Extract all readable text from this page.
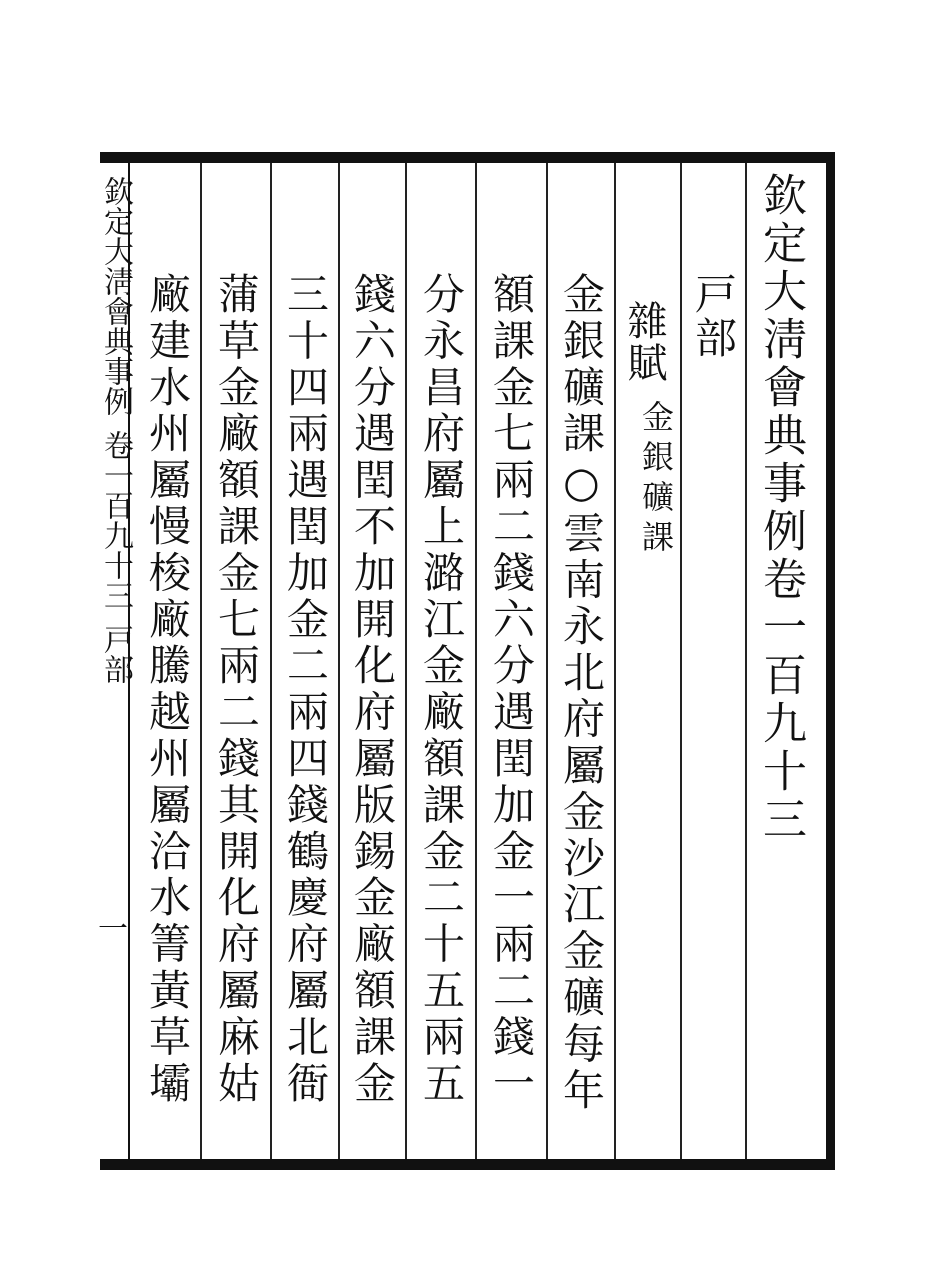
欽定大淸會典事例卷一百九十三
戸部
雜賦
金銀礦課
金銀礦課○雲南永北府屬金沙江金礦每年
額課金七兩二錢六分遇閏加金一兩二錢一
分永昌府屬上潞江金廠額課金二十五兩五
錢六分遇閏不加開化府屬版錫金廠額課金
三十四兩遇閏加金二兩四錢鶴慶府屬北衙
蒲草金廠額課金七兩二錢其開化府屬麻姑
廠建水州屬慢梭廠騰越州屬洽水箐黃草壩
欽定大淸會典事例
卷一百九十三
戸部
一
